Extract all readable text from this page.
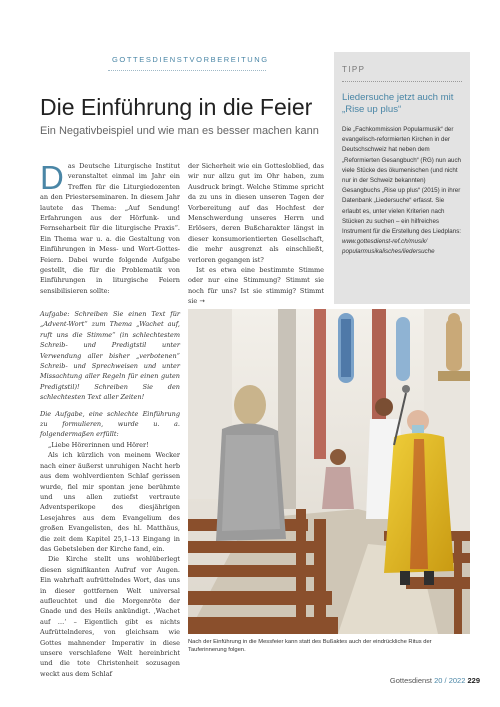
GOTTESDIENSTVORBEREITUNG
Die Einführung in die Feier
Ein Negativbeispiel und wie man es besser machen kann
TIPP
Liedersuche jetzt auch mit „Rise up plus“
Die „Fachkommission Popularmusik“ der evangelisch-reformierten Kirchen in der Deutschschweiz hat neben dem „Reformierten Gesangbuch“ (RG) nun auch viele Stücke des ökumenischen (und nicht nur in der Schweiz bekannten) Gesangbuchs „Rise up plus“ (2015) in ihrer Datenbank „Liedersuche“ erfasst. Sie erlaubt es, unter vielen Kriterien nach Stücken zu suchen – ein hilfreiches Instrument für die Erstellung des Liedplans:
www.gottesdienst-ref.ch/musik/
popularmusikalisches/liedersuche
D as Deutsche Liturgische Institut veranstaltet einmal im Jahr ein Treffen für die Liturgiedozenten an den Priesterseminaren. In diesem Jahr lautete das Thema: „Auf Sendung! Erfahrungen aus der Hörfunk- und Fernseharbeit für die liturgische Praxis“. Ein Thema war u. a. die Gestaltung von Einführungen in Mess- und Wort-Gottes-Feiern. Dabei wurde folgende Aufgabe gestellt, die für die Problematik von Einführungen in liturgische Feiern sensibilisieren sollte:

der Sicherheit wie ein Gottesloblied, das wir nur allzu gut im Ohr haben, zum Ausdruck bringt. Welche Stimme spricht da zu uns in diesen unseren Tagen der Vorbereitung auf das Hochfest der Menschwerdung unseres Herrn und Erlösers, deren Bußcharakter längst in dieser konsumorientierten Gesellschaft, die mehr ausgrenzt als einschließt, verloren gegangen ist?

Ist es etwa eine bestimmte Stimme oder nur eine Stimmung? Stimmt sie noch für uns? Ist sie stimmig? Stimmt sie →

Aufgabe: Schreiben Sie einen Text für „Advent-Wort“ zum Thema „Wachet auf, ruft uns die Stimme“ (in schlechtestem Schreib- und Predigtstil unter Verwendung aller bisher „verbotenen“ Schreib- und Sprechweisen und unter Missachtung aller Regeln für einen guten Predigtstil)! Schreiben Sie den schlechtesten Text aller Zeiten!

Die Aufgabe, eine schlechte Einführung zu formulieren, wurde u. a. folgendermaßen erfüllt:

„Liebe Hörerinnen und Hörer!

Als ich kürzlich von meinem Wecker nach einer äußerst unruhigen Nacht herb aus dem wohlverdienten Schlaf gerissen wurde, fiel mir spontan jene berühmte und uns allen zutiefst vertraute Adventsperikope des diesjährigen Lesejahres aus dem Evangelium des großen Evangelisten, des hl. Matthäus, die zeit dem Kapitel 25,1–13 Eingang in das Gebetsleben der Kirche fand, ein.

Die Kirche stellt uns wohlüberlegt diesen signifikanten Aufruf vor Augen. Ein wahrhaft aufrüttelndes Wort, das uns in dieser gottfernen Welt universal aufleuchtet und die Morgenröte der Gnade und des Heils ankündigt. ‚Wachet auf …‘ – Eigentlich gibt es nichts Aufrüttelnderes, von gleichsam wie Gottes mahnender Imperativ in diese unsere verschlafene Welt hereinbricht und die tote Christenheit sozusagen weckt aus dem Schlaf

Nach der Einführung in die Messfeier kann statt des Bußaktes auch der eindrückliche Ritus der Tauferinnerung folgen.
Gottesdienst 20 / 2022 229
